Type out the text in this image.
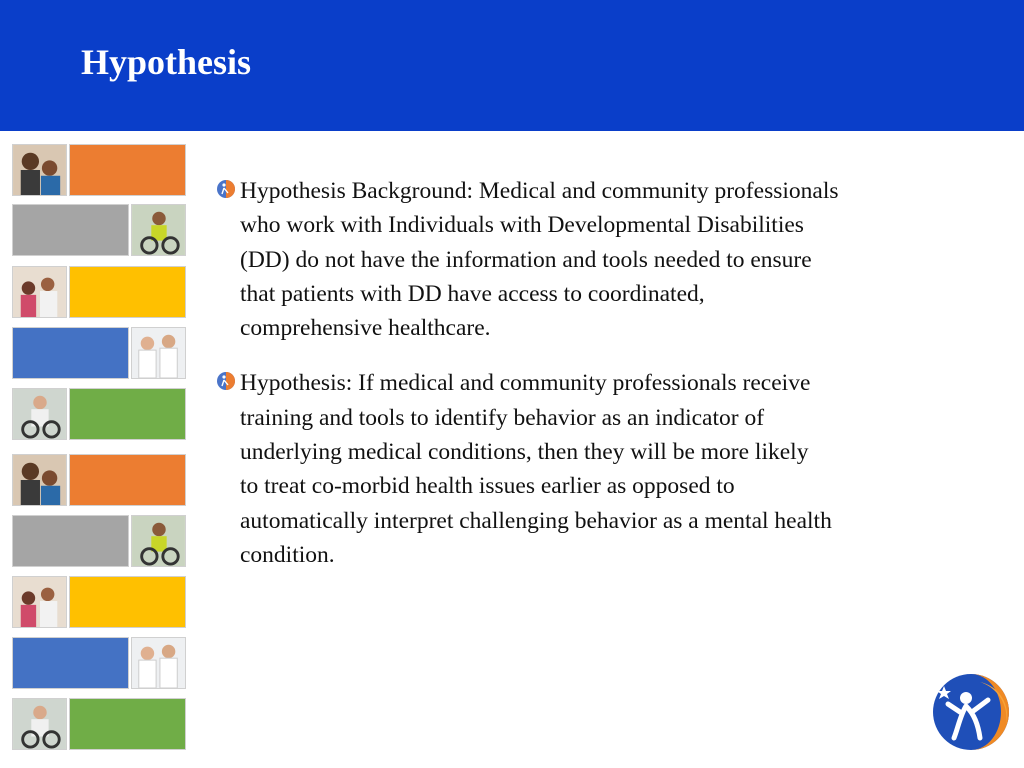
Hypothesis
Hypothesis Background: Medical and community professionals
who work with Individuals with Developmental Disabilities
(DD) do not have the information and tools needed to ensure
that patients with DD have access to coordinated,
comprehensive healthcare.
Hypothesis: If medical and community professionals receive
training and tools to identify behavior as an indicator of
underlying medical conditions, then they will be more likely
to treat co-morbid health issues earlier as opposed to
automatically interpret challenging behavior as a mental health
condition.
